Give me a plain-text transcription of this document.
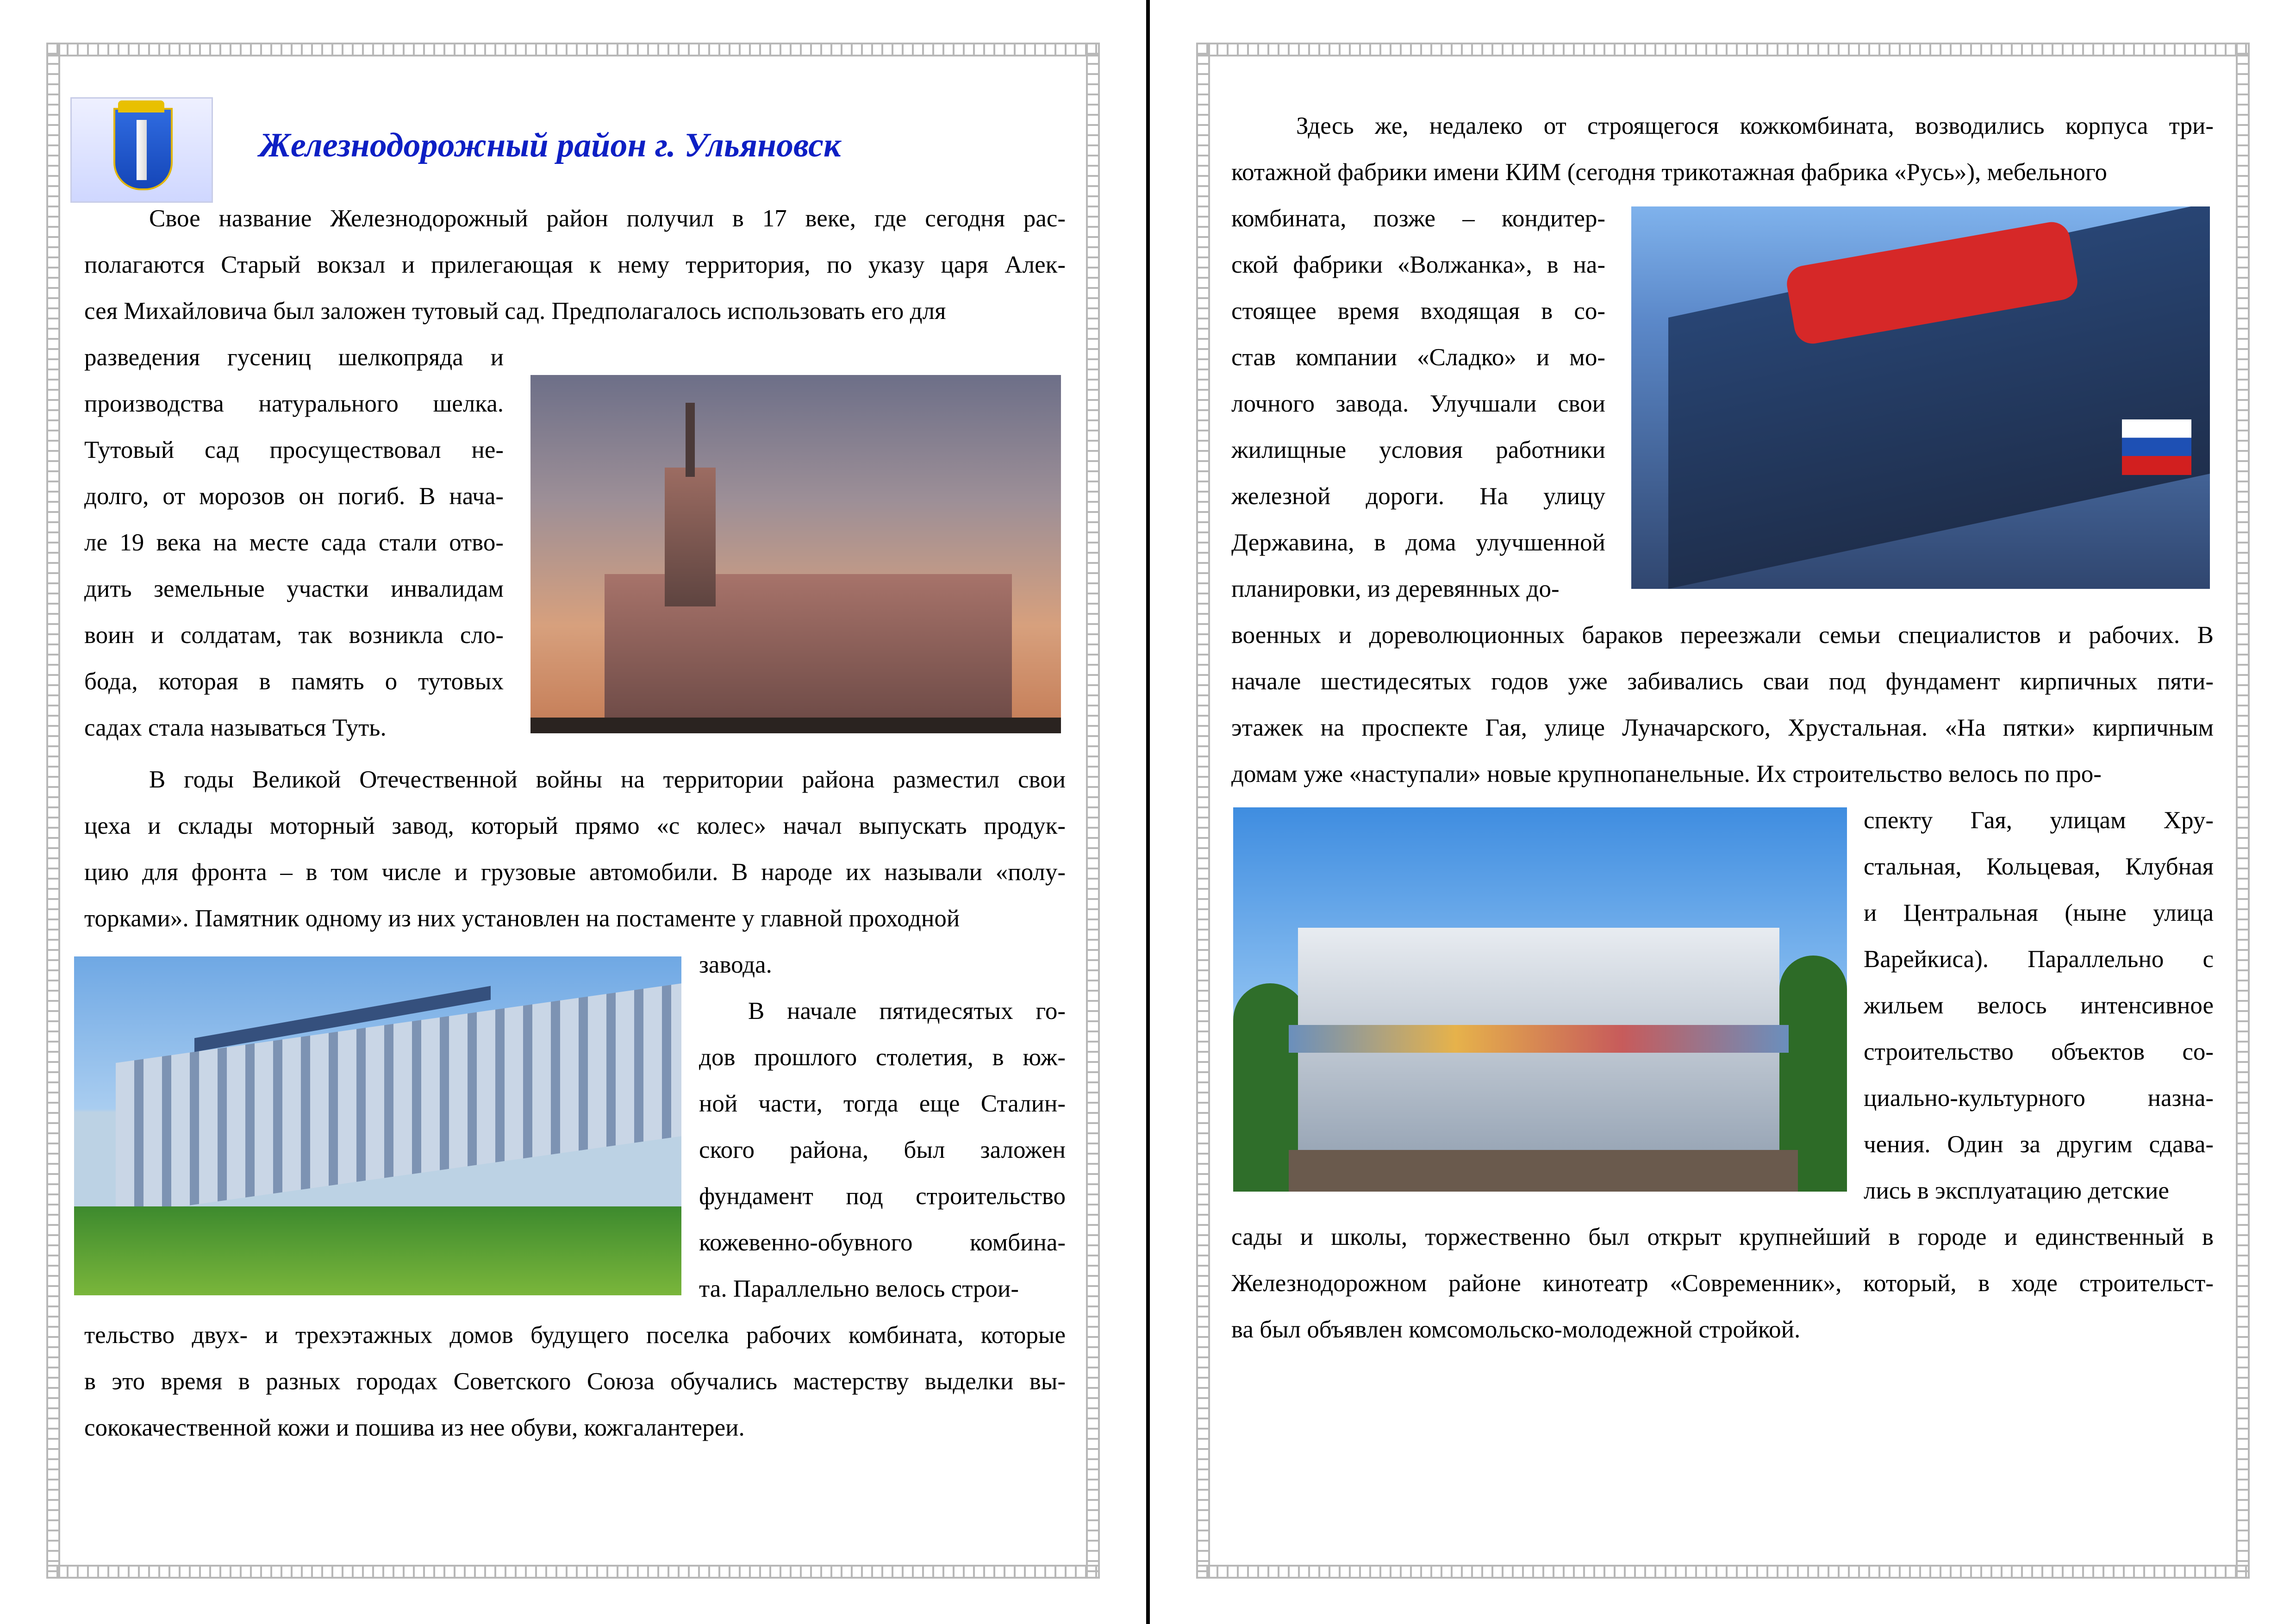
Железнодорожный район г. Ульяновск
Свое название Железнодорожный район получил в 17 веке, где сегодня рас-
полагаются Старый вокзал и прилегающая к нему территория, по указу царя Алек-
сея Михайловича был заложен тутовый сад. Предполагалось использовать его для
разведения гусениц шелкопряда и
производства натурального шелка.
Тутовый сад просуществовал не-
долго, от морозов он погиб. В нача-
ле 19 века на месте сада стали отво-
дить земельные участки инвалидам
воин и солдатам, так возникла сло-
бода, которая в память о тутовых
садах стала называться Туть.
В годы Великой Отечественной войны на территории района разместил свои
цеха и склады моторный завод, который прямо «с колес» начал выпускать продук-
цию для фронта – в том числе и грузовые автомобили. В народе их называли «полу-
торками». Памятник одному из них установлен на постаменте у главной проходной
завода.
В начале пятидесятых го-
дов прошлого столетия, в юж-
ной части, тогда еще Сталин-
ского района, был заложен
фундамент под строительство
кожевенно-обувного комбина-
та. Параллельно велось строи-
тельство двух- и трехэтажных домов будущего поселка рабочих комбината, которые
в это время в разных городах Советского Союза обучались мастерству выделки вы-
сококачественной кожи и пошива из нее обуви, кожгалантереи.
Здесь же, недалеко от строящегося кожкомбината, возводились корпуса три-
котажной фабрики имени КИМ (сегодня трикотажная фабрика «Русь»), мебельного
комбината, позже – кондитер-
ской фабрики «Волжанка», в на-
стоящее время входящая в со-
став компании «Сладко» и мо-
лочного завода. Улучшали свои
жилищные условия работники
железной дороги. На улицу
Державина, в дома улучшенной
планировки, из деревянных до-
военных и дореволюционных бараков переезжали семьи специалистов и рабочих. В
начале шестидесятых годов уже забивались сваи под фундамент кирпичных пяти-
этажек на проспекте Гая, улице Луначарского, Хрустальная. «На пятки» кирпичным
домам уже «наступали» новые крупнопанельные. Их строительство велось по про-
спекту Гая, улицам Хру-
стальная, Кольцевая, Клубная
и Центральная (ныне улица
Варейкиса). Параллельно с
жильем велось интенсивное
строительство объектов со-
циально-культурного назна-
чения. Один за другим сдава-
лись в эксплуатацию детские
сады и школы, торжественно был открыт крупнейший в городе и единственный в
Железнодорожном районе кинотеатр «Современник», который, в ходе строительст-
ва был объявлен комсомольско-молодежной стройкой.
